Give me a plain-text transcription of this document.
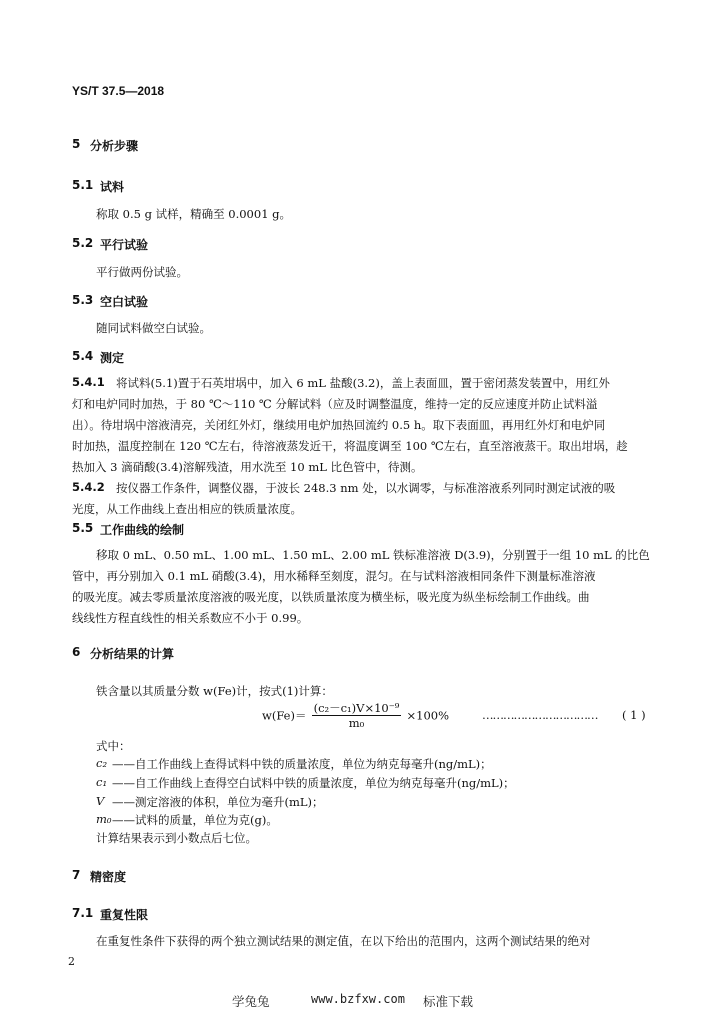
YS/T 37.5—2018
5 分析步骤
5.1 试料
称取 0.5 g 试样，精确至 0.0001 g。
5.2 平行试验
平行做两份试验。
5.3 空白试验
随同试料做空白试验。
5.4 测定
5.4.1 将试料(5.1)置于石英坩埚中，加入 6 mL 盐酸(3.2)，盖上表面皿，置于密闭蒸发装置中，用红外
灯和电炉同时加热，于 80 ℃～110 ℃ 分解试料（应及时调整温度，维持一定的反应速度并防止试料溢
出）。待坩埚中溶液清亮，关闭红外灯，继续用电炉加热回流约 0.5 h。取下表面皿，再用红外灯和电炉同
时加热，温度控制在 120 ℃左右，待溶液蒸发近干，将温度调至 100 ℃左右，直至溶液蒸干。取出坩埚，趁
热加入 3 滴硝酸(3.4)溶解残渣，用水洗至 10 mL 比色管中，待测。
5.4.2 按仪器工作条件，调整仪器，于波长 248.3 nm 处，以水调零，与标准溶液系列同时测定试液的吸
光度，从工作曲线上查出相应的铁质量浓度。
5.5 工作曲线的绘制
移取 0 mL、0.50 mL、1.00 mL、1.50 mL、2.00 mL 铁标准溶液 D(3.9)，分别置于一组 10 mL 的比色
管中，再分别加入 0.1 mL 硝酸(3.4)，用水稀释至刻度，混匀。在与试料溶液相同条件下测量标准溶液
的吸光度。减去零质量浓度溶液的吸光度，以铁质量浓度为横坐标，吸光度为纵坐标绘制工作曲线。曲
线线性方程直线性的相关系数应不小于 0.99。
6 分析结果的计算
铁含量以其质量分数 w(Fe)计，按式(1)计算：
$w(Fe)= \frac{\text{(c₂－c₁)V×10⁻⁹}}{\text{m₀}} \times 100\%$	…………………………… ( 1 )
式中：
c₂ ——自工作曲线上查得试料中铁的质量浓度，单位为纳克每毫升(ng/mL)；
c₁ ——自工作曲线上查得空白试料中铁的质量浓度，单位为纳克每毫升(ng/mL)；
V ——测定溶液的体积，单位为毫升(mL)；
m₀ ——试料的质量，单位为克(g)。
计算结果表示到小数点后七位。
7 精密度
7.1 重复性限
在重复性条件下获得的两个独立测试结果的测定值，在以下给出的范围内，这两个测试结果的绝对
2
学兔兔	www.bzfxw.com 标准下载
